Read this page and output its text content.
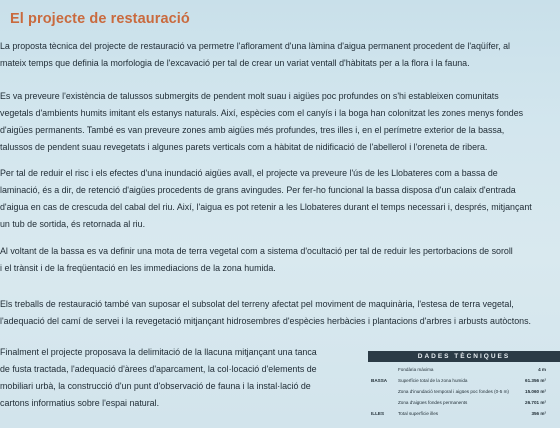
El projecte de restauració
La proposta tècnica del projecte de restauració va permetre l'aflorament d'una làmina d'aigua permanent procedent de l'aqüífer, al
mateix temps que definia la morfologia de l'excavació per tal de crear un variat ventall d'hàbitats per a la flora i la fauna.
Es va preveure l'existència de talussos submergits de pendent molt suau i aigües poc profundes on s'hi estableixen comunitats
vegetals d'ambients humits imitant els estanys naturals. Així, espècies com el canyís i la boga han colonitzat les zones menys fondes
d'aigües permanents. També es van preveure zones amb aigües més profundes, tres illes i, en el perímetre exterior de la bassa,
talussos de pendent suau revegetats i algunes parets verticals com a hàbitat de nidificació de l'abellerol i l'oreneta de ribera.
Per tal de reduir el risc i els efectes d'una inundació aigües avall, el projecte va preveure l'ús de les Llobateres com a bassa de
laminació, és a dir, de retenció d'aigües procedents de grans avingudes. Per fer-ho funcional la bassa disposa d'un calaix d'entrada
d'aigua en cas de crescuda del cabal del riu. Així, l'aigua es pot retenir a les Llobateres durant el temps necessari i, després, mitjançant
un tub de sortida, és retornada al riu.
Al voltant de la bassa es va definir una mota de terra vegetal com a sistema d'ocultació per tal de reduir les pertorbacions de soroll
i el trànsit i de la freqüentació en les immediacions de la zona humida.
Els treballs de restauració també van suposar el subsolat del terreny afectat pel moviment de maquinària, l'estesa de terra vegetal,
l'adequació del camí de servei i la revegetació mitjançant hidrosembres d'espècies herbàcies i plantacions d'arbres i arbusts autòctons.
Finalment el projecte proposava la delimitació de la llacuna mitjançant una tanca
de fusta tractada, l'adequació d'àrees d'aparcament, la col·locació d'elements de
mobiliari urbà, la construcció d'un punt d'observació de fauna i la instal·lació de
cartons informatius sobre l'espai natural.
DADES TÈCNIQUES
Fondària màxima	4 m
BASSA	Superfície total de la zona humida	61.356 m²
Zona d'inundació temporal i aigües poc fondes (0-5 m)	15.060 m²
Zona d'aigües fondes permanents	26.701 m²
ILLES	Total superfície illes	356 m²
